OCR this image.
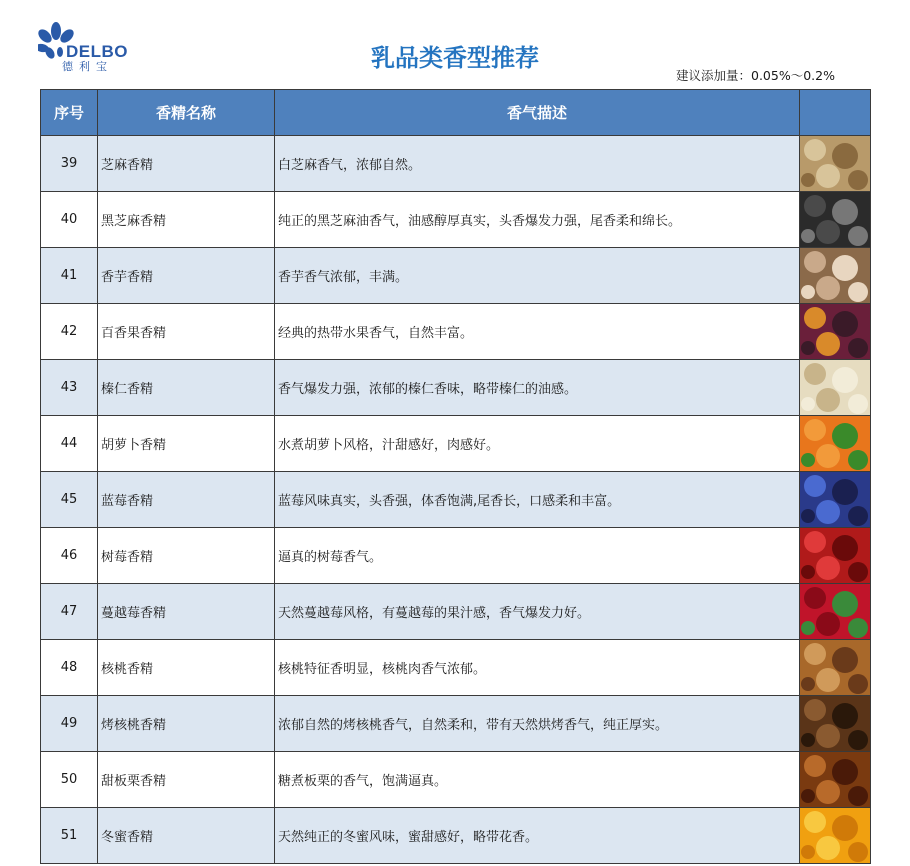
DELBO
德利宝	乳品类香型推荐
建议添加量：0.05%～0.2%
序号	香精名称	香气描述	
39	芝麻香精	白芝麻香气，浓郁自然。	

40	黑芝麻香精	纯正的黑芝麻油香气，油感醇厚真实，头香爆发力强，尾香柔和绵长。	

41	香芋香精	香芋香气浓郁，丰满。	

42	百香果香精	经典的热带水果香气，自然丰富。	

43	榛仁香精	香气爆发力强，浓郁的榛仁香味，略带榛仁的油感。	

44	胡萝卜香精	水煮胡萝卜风格，汁甜感好，肉感好。	

45	蓝莓香精	蓝莓风味真实，头香强，体香饱满,尾香长，口感柔和丰富。	

46	树莓香精	逼真的树莓香气。	

47	蔓越莓香精	天然蔓越莓风格，有蔓越莓的果汁感，香气爆发力好。	

48	核桃香精	核桃特征香明显，核桃肉香气浓郁。	

49	烤核桃香精	浓郁自然的烤核桃香气，自然柔和，带有天然烘烤香气，纯正厚实。	

50	甜板栗香精	糖煮板栗的香气，饱满逼真。	

51	冬蜜香精	天然纯正的冬蜜风味，蜜甜感好，略带花香。	
